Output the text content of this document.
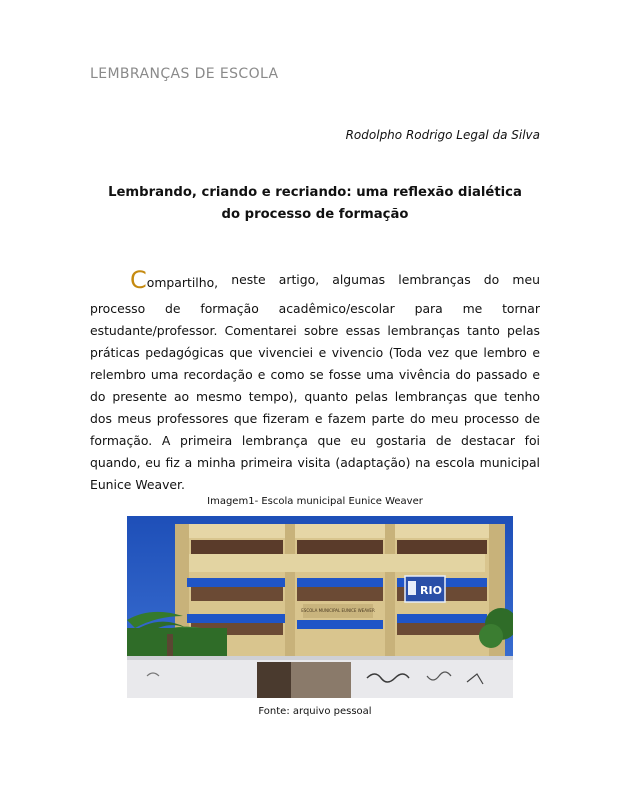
LEMBRANÇAS DE ESCOLA
Rodolpho Rodrigo Legal da Silva
Lembrando, criando e recriando: uma reflexão dialética
do processo de formação
Compartilho, neste artigo, algumas lembranças do meu
processo de formação acadêmico/escolar para me tornar
estudante/professor. Comentarei sobre essas lembranças tanto pelas
práticas pedagógicas que vivenciei e vivencio (Toda vez que lembro e
relembro uma recordação e como se fosse uma vivência do passado e
do presente ao mesmo tempo), quanto pelas lembranças que tenho
dos meus professores que fizeram e fazem parte do meu processo de
formação. A primeira lembrança que eu gostaria de destacar foi
quando, eu fiz a minha primeira visita (adaptação) na escola municipal
Eunice Weaver.
Imagem1- Escola municipal Eunice Weaver
ESCOLA MUNICIPAL EUNICE WEAVER
RIO
Fonte: arquivo pessoal
